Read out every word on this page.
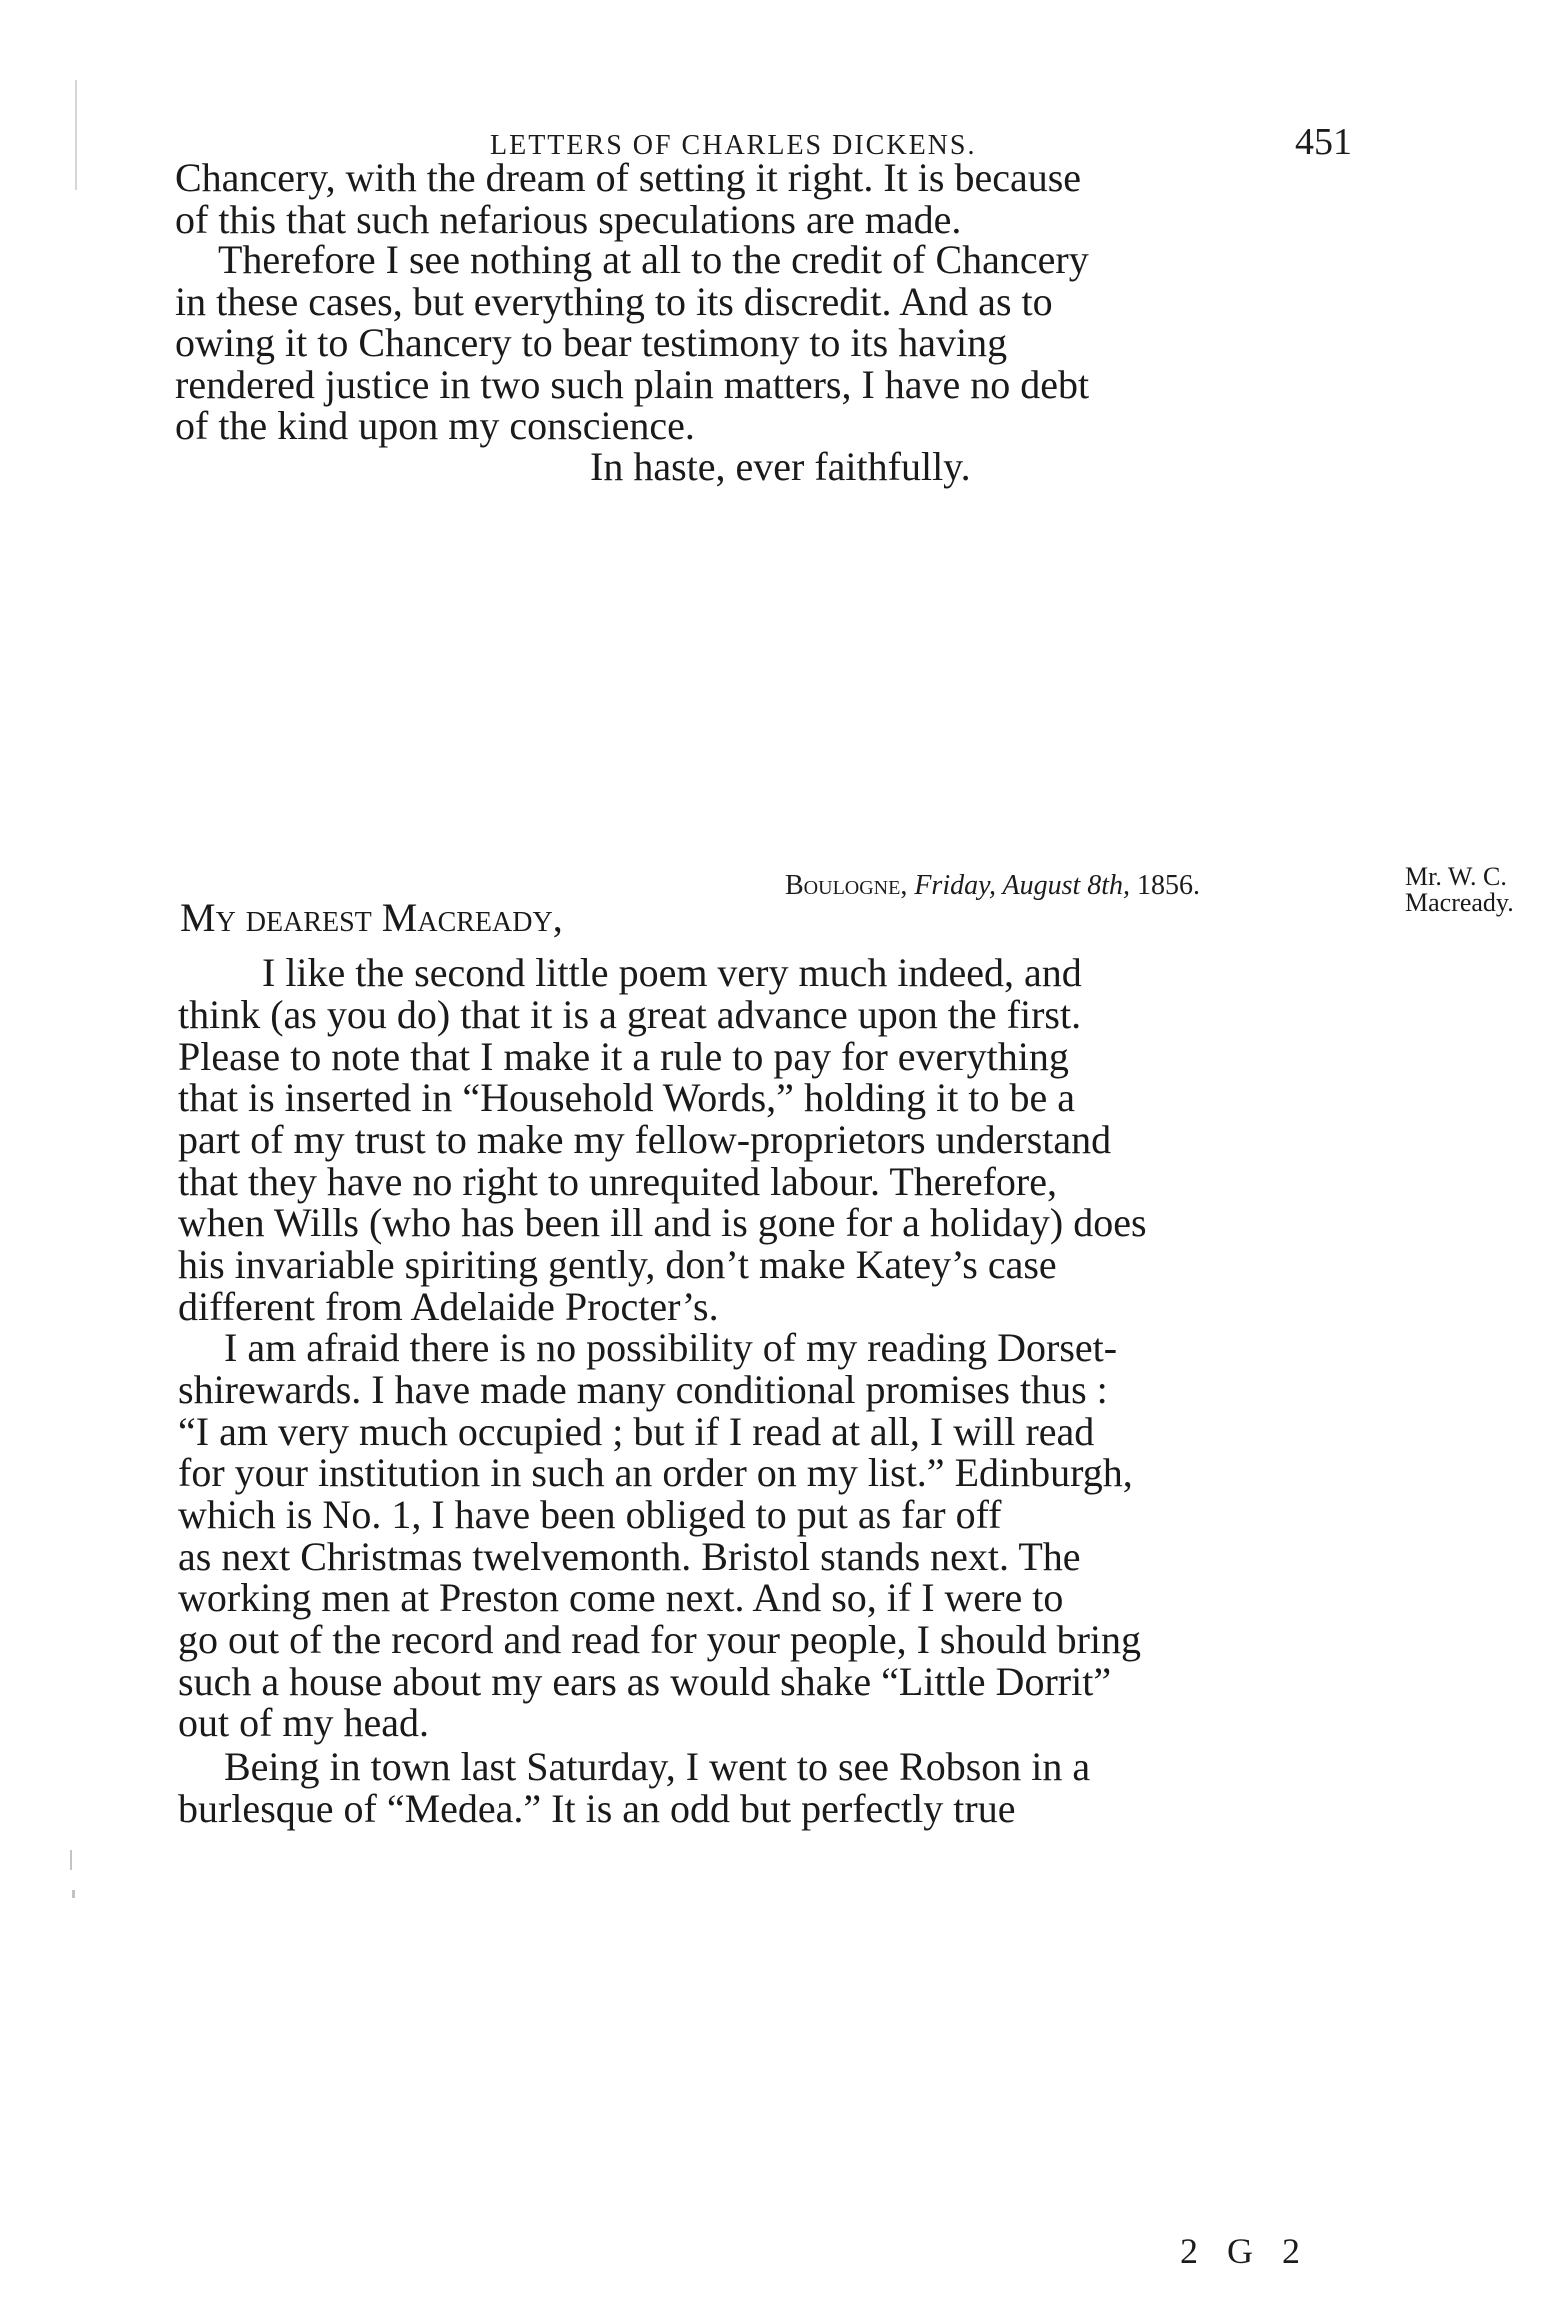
LETTERS OF CHARLES DICKENS.	451
Chancery, with the dream of setting it right. It is because
of this that such nefarious speculations are made.
Therefore I see nothing at all to the credit of Chancery
in these cases, but everything to its discredit. And as to
owing it to Chancery to bear testimony to its having
rendered justice in two such plain matters, I have no debt
of the kind upon my conscience.
In haste, ever faithfully.
Boulogne, Friday, August 8th, 1856.	Mr. W. C.
Macready.
My dearest Macready,
I like the second little poem very much indeed, and
think (as you do) that it is a great advance upon the first.
Please to note that I make it a rule to pay for everything
that is inserted in “Household Words,” holding it to be a
part of my trust to make my fellow-proprietors understand
that they have no right to unrequited labour. Therefore,
when Wills (who has been ill and is gone for a holiday) does
his invariable spiriting gently, don’t make Katey’s case
different from Adelaide Procter’s.
I am afraid there is no possibility of my reading Dorset-
shirewards. I have made many conditional promises thus :
“I am very much occupied ; but if I read at all, I will read
for your institution in such an order on my list.” Edinburgh,
which is No. 1, I have been obliged to put as far off
as next Christmas twelvemonth. Bristol stands next. The
working men at Preston come next. And so, if I were to
go out of the record and read for your people, I should bring
such a house about my ears as would shake “Little Dorrit”
out of my head.
Being in town last Saturday, I went to see Robson in a
burlesque of “Medea.” It is an odd but perfectly true
2 G 2
